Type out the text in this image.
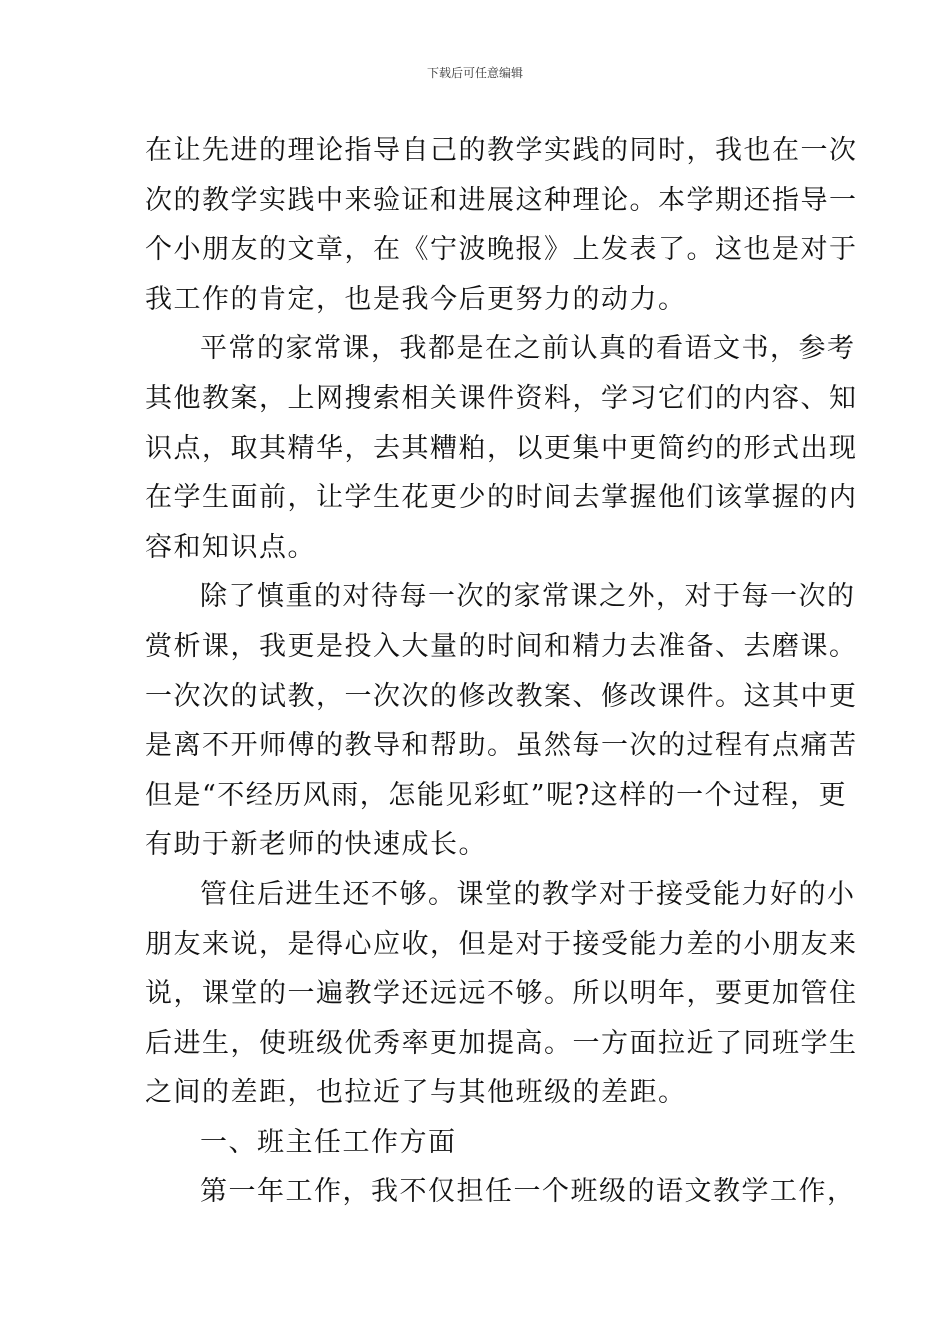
下载后可任意编辑
在让先进的理论指导自己的教学实践的同时，我也在一次
次的教学实践中来验证和进展这种理论。本学期还指导一
个小朋友的文章，在《宁波晚报》上发表了。这也是对于
我工作的肯定，也是我今后更努力的动力。
平常的家常课，我都是在之前认真的看语文书，参考
其他教案，上网搜索相关课件资料，学习它们的内容、知
识点，取其精华，去其糟粕，以更集中更简约的形式出现
在学生面前，让学生花更少的时间去掌握他们该掌握的内
容和知识点。
除了慎重的对待每一次的家常课之外，对于每一次的
赏析课，我更是投入大量的时间和精力去准备、去磨课。
一次次的试教，一次次的修改教案、修改课件。这其中更
是离不开师傅的教导和帮助。虽然每一次的过程有点痛苦
但是“不经历风雨，怎能见彩虹”呢?这样的一个过程，更
有助于新老师的快速成长。
管住后进生还不够。课堂的教学对于接受能力好的小
朋友来说，是得心应收，但是对于接受能力差的小朋友来
说，课堂的一遍教学还远远不够。所以明年，要更加管住
后进生，使班级优秀率更加提高。一方面拉近了同班学生
之间的差距，也拉近了与其他班级的差距。
一、班主任工作方面
第一年工作，我不仅担任一个班级的语文教学工作，
